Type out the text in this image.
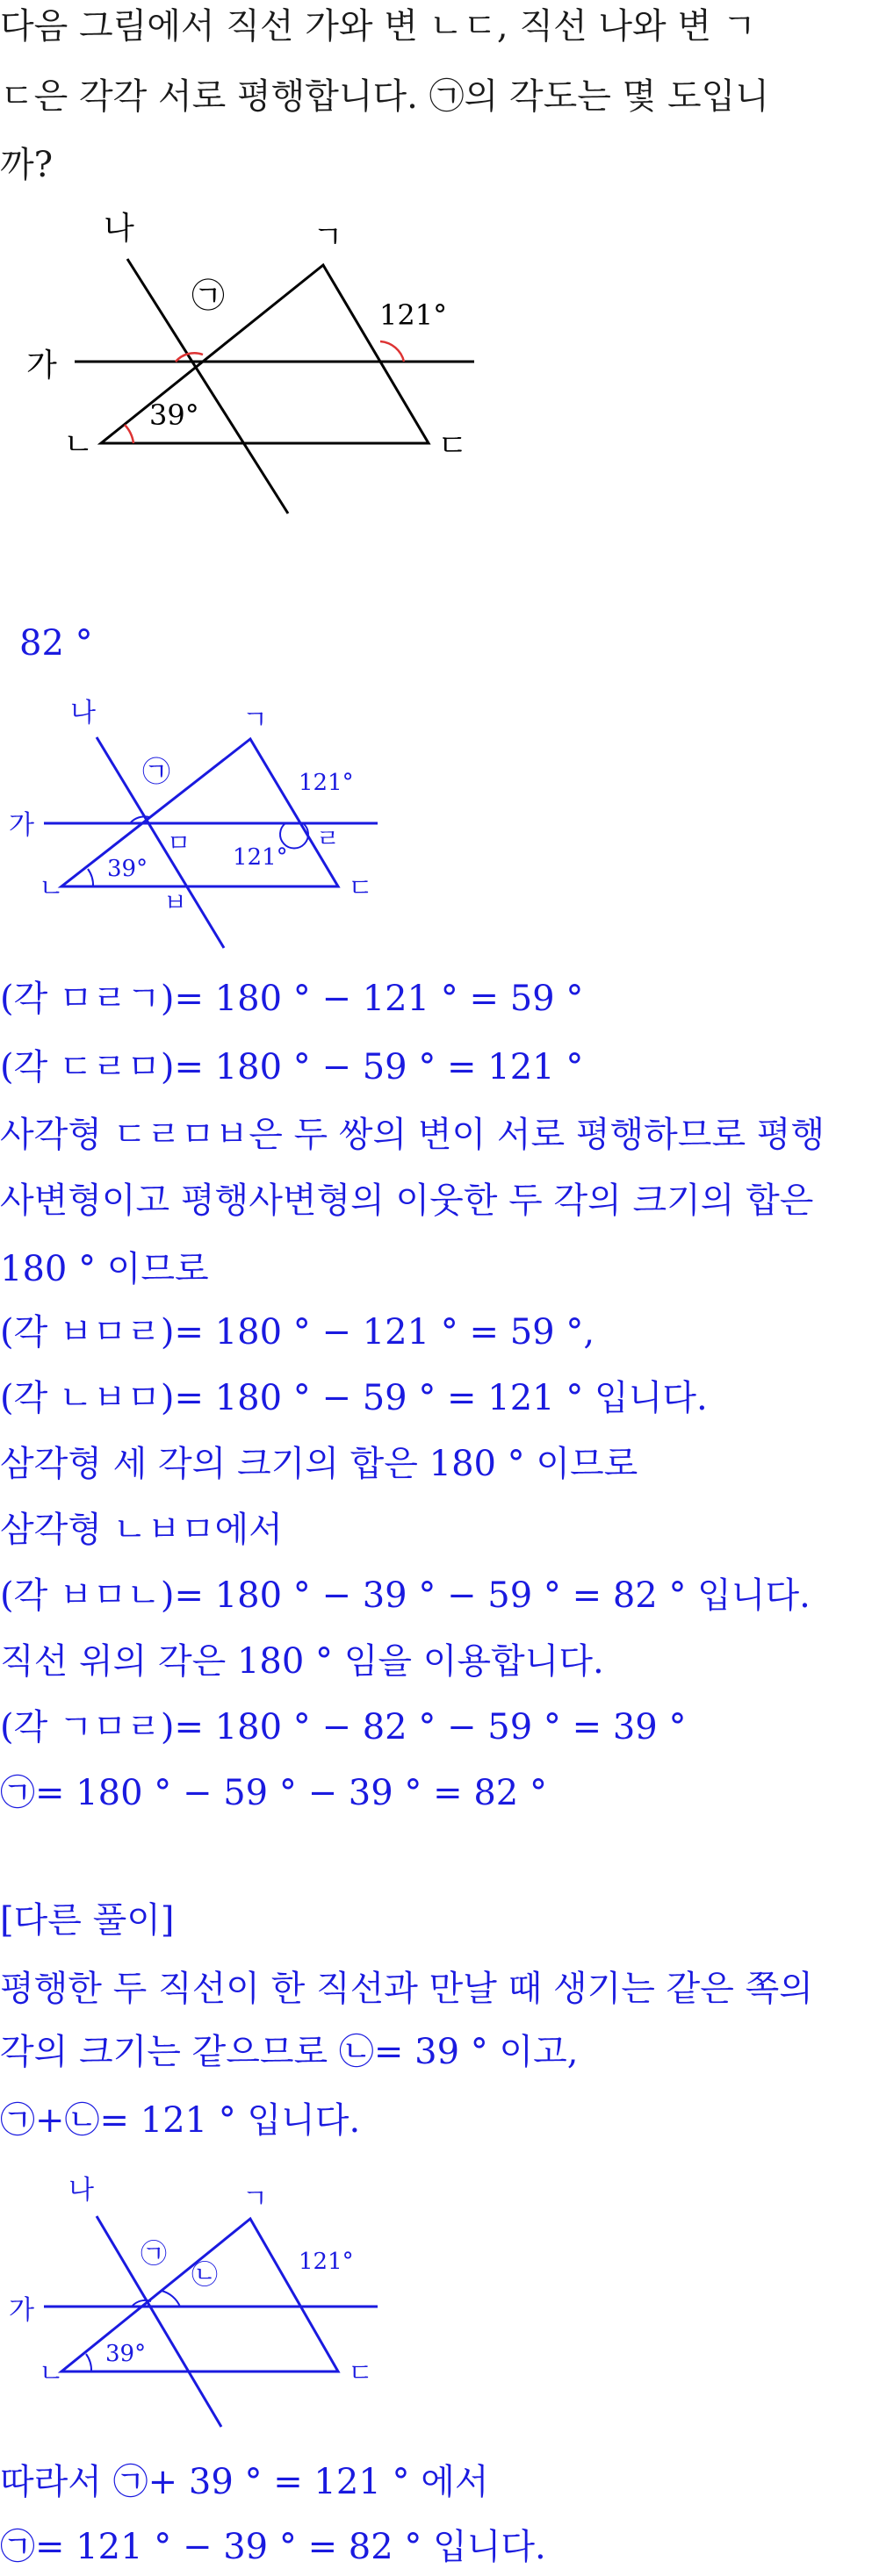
다음 그림에서 직선 가와 변 ㄴㄷ, 직선 나와 변 ㄱ
ㄷ은 각각 서로 평행합니다. ㉠의 각도는 몇 도입니
까?
나
가
ㄱ
ㄴ	ㄷ
㉠	121°
39°
82 °
나
가
ㄱ
ㄴ	ㄷ
ㅁ	ㄹ
ㅂ
㉠	121°
121°
39°
(각 ㅁㄹㄱ)= 180 ° − 121 ° = 59 °
(각 ㄷㄹㅁ)= 180 ° − 59 ° = 121 °
사각형 ㄷㄹㅁㅂ은 두 쌍의 변이 서로 평행하므로 평행
사변형이고 평행사변형의 이웃한 두 각의 크기의 합은
180 ° 이므로
(각 ㅂㅁㄹ)= 180 ° − 121 ° = 59 °,
(각 ㄴㅂㅁ)= 180 ° − 59 ° = 121 ° 입니다.
삼각형 세 각의 크기의 합은 180 ° 이므로
삼각형 ㄴㅂㅁ에서
(각 ㅂㅁㄴ)= 180 ° − 39 ° − 59 ° = 82 ° 입니다.
직선 위의 각은 180 ° 임을 이용합니다.
(각 ㄱㅁㄹ)= 180 ° − 82 ° − 59 ° = 39 °
㉠= 180 ° − 59 ° − 39 ° = 82 °
[다른 풀이]
평행한 두 직선이 한 직선과 만날 때 생기는 같은 쪽의
각의 크기는 같으므로 ㉡= 39 ° 이고,
㉠+㉡= 121 ° 입니다.
나
가
ㄱ
ㄴ	ㄷ
㉠
㉡	121°
39°
따라서 ㉠+ 39 ° = 121 ° 에서
㉠= 121 ° − 39 ° = 82 ° 입니다.
